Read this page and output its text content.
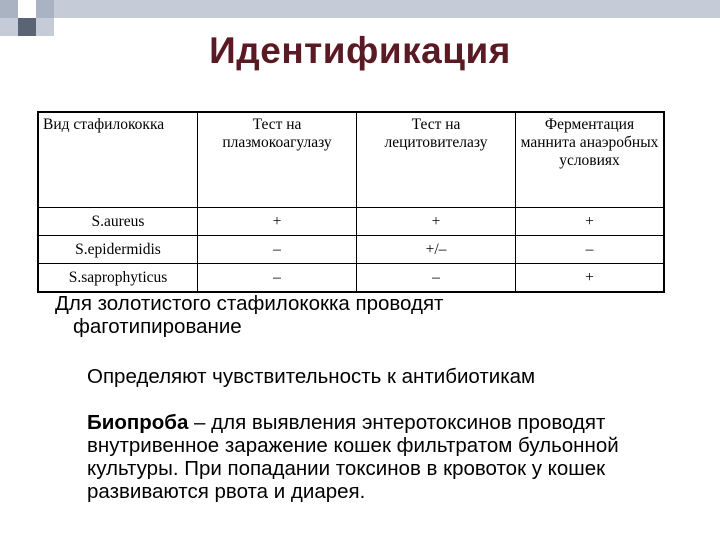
Идентификация
Вид стафилококка	Тест на плазмокоагулазу	Тест на лецитовителазу	Ферментация маннита анаэробных условиях
S.aureus	+	+	+
S.epidermidis	–	+/–	–
S.saprophyticus	–	–	+
Для золотистого стафилококка проводят
фаготипирование
Определяют чувствительность к антибиотикам
Биопроба – для выявления энтеротоксинов проводят внутривенное заражение кошек фильтратом бульонной культуры. При попадании токсинов в кровоток у кошек развиваются рвота и диарея.
